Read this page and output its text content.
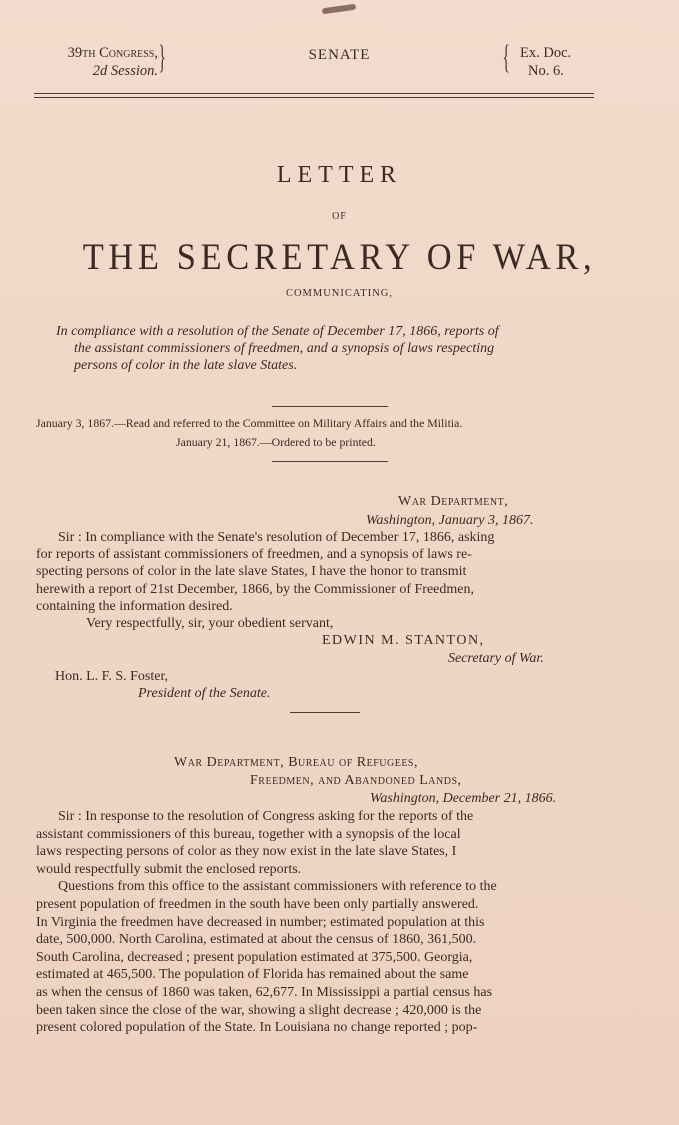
39th Congress,
2d Session. }	SENATE	{ Ex. Doc.
No. 6.
LETTER
OF
THE SECRETARY OF WAR,
COMMUNICATING,
In compliance with a resolution of the Senate of December 17, 1866, reports of
the assistant commissioners of freedmen, and a synopsis of laws respecting
persons of color in the late slave States.
January 3, 1867.—Read and referred to the Committee on Military Affairs and the Militia.
January 21, 1867.—Ordered to be printed.
War Department,
Washington, January 3, 1867.
Sir : In compliance with the Senate's resolution of December 17, 1866, asking
for reports of assistant commissioners of freedmen, and a synopsis of laws re-
specting persons of color in the late slave States, I have the honor to transmit
herewith a report of 21st December, 1866, by the Commissioner of Freedmen,
containing the information desired.
Very respectfully, sir, your obedient servant,
EDWIN M. STANTON,
Secretary of War.
Hon. L. F. S. Foster,
President of the Senate.
War Department, Bureau of Refugees,
Freedmen, and Abandoned Lands,
Washington, December 21, 1866.
Sir : In response to the resolution of Congress asking for the reports of the
assistant commissioners of this bureau, together with a synopsis of the local
laws respecting persons of color as they now exist in the late slave States, I
would respectfully submit the enclosed reports.
Questions from this office to the assistant commissioners with reference to the
present population of freedmen in the south have been only partially answered.
In Virginia the freedmen have decreased in number; estimated population at this
date, 500,000. North Carolina, estimated at about the census of 1860, 361,500.
South Carolina, decreased ; present population estimated at 375,500. Georgia,
estimated at 465,500. The population of Florida has remained about the same
as when the census of 1860 was taken, 62,677. In Mississippi a partial census has
been taken since the close of the war, showing a slight decrease ; 420,000 is the
present colored population of the State. In Louisiana no change reported ; pop-
